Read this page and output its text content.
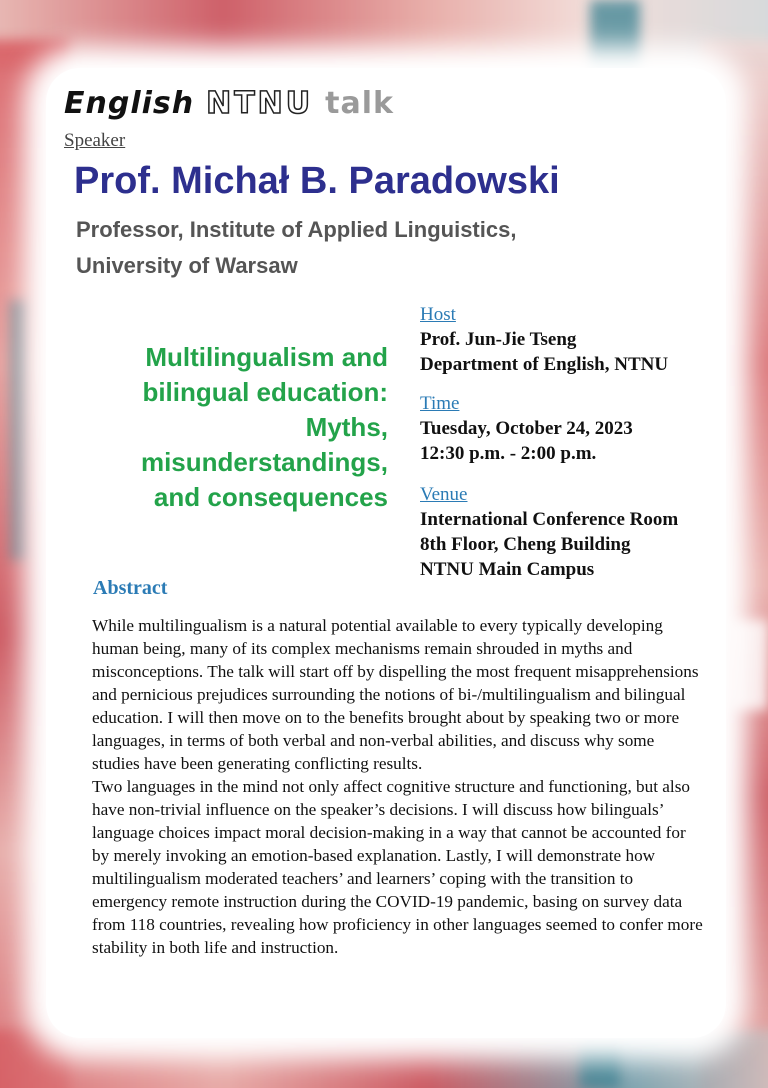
English NTNU talk
Speaker
Prof. Michał B. Paradowski
Professor, Institute of Applied Linguistics,
University of Warsaw
Multilingualism and
bilingual education:
Myths,
misunderstandings,
and consequences
Host
Prof. Jun-Jie Tseng
Department of English, NTNU
Time
Tuesday, October 24, 2023
12:30 p.m. - 2:00 p.m.
Venue
International Conference Room
8th Floor, Cheng Building
NTNU Main Campus
Abstract

While multilingualism is a natural potential available to every typically developing human being, many of its complex mechanisms remain shrouded in myths and misconceptions. The talk will start off by dispelling the most frequent misapprehensions and pernicious prejudices surrounding the notions of bi-/multilingualism and bilingual education. I will then move on to the benefits brought about by speaking two or more languages, in terms of both verbal and non-verbal abilities, and discuss why some studies have been generating conflicting results.

Two languages in the mind not only affect cognitive structure and functioning, but also have non-trivial influence on the speaker’s decisions. I will discuss how bilinguals’ language choices impact moral decision-making in a way that cannot be accounted for by merely invoking an emotion-based explanation. Lastly, I will demonstrate how multilingualism moderated teachers’ and learners’ coping with the transition to emergency remote instruction during the COVID-19 pandemic, basing on survey data from 118 countries, revealing how proficiency in other languages seemed to confer more stability in both life and instruction.
